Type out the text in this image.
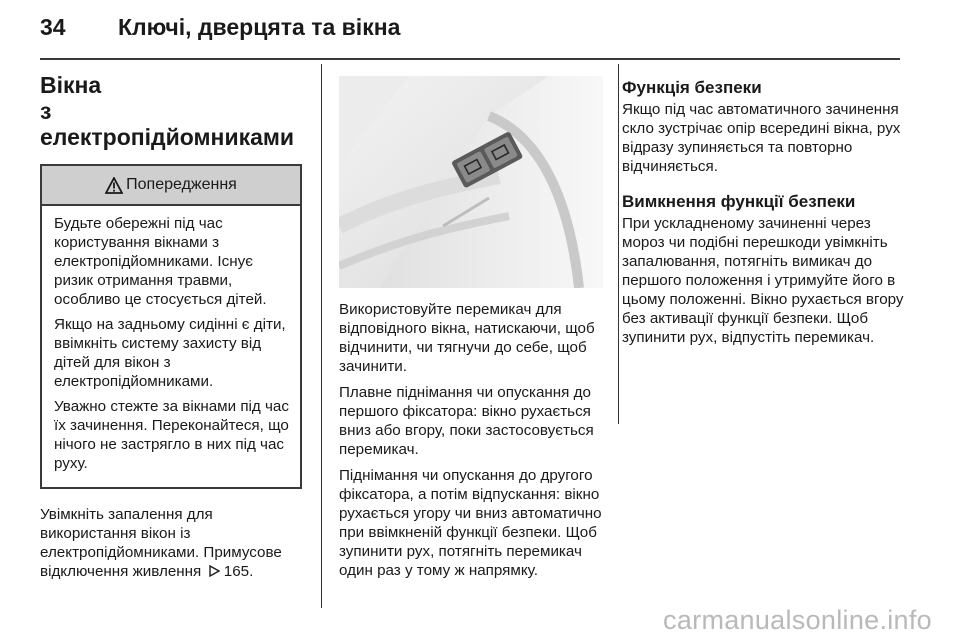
34 Ключі, дверцята та вікна
Вікна
з електропідйомниками
Попередження

Будьте обережні під час користування вікнами з електропідйомниками. Існує ризик отримання травми, особливо це стосується дітей.

Якщо на задньому сидінні є діти, ввімкніть систему захисту від дітей для вікон з електропідйомниками.

Уважно стежте за вікнами під час їх зачинення. Переконайтеся, що нічого не застрягло в них під час руху.

Увімкніть запалення для використання вікон із електропідйомниками. Примусове відключення живлення  165.

Використовуйте перемикач для відповідного вікна, натискаючи, щоб відчинити, чи тягнучи до себе, щоб зачинити.

Плавне піднімання чи опускання до першого фіксатора: вікно рухається вниз або вгору, поки застосовується перемикач.

Піднімання чи опускання до другого фіксатора, а потім відпускання: вікно рухається угору чи вниз автоматично при ввімкненій функції безпеки. Щоб зупинити рух, потягніть перемикач один раз у тому ж напрямку.

Функція безпеки

Якщо під час автоматичного зачинення скло зустрічає опір всередині вікна, рух відразу зупиняється та повторно відчиняється.

Вимкнення функції безпеки

При ускладненому зачиненні через мороз чи подібні перешкоди увімкніть запалювання, потягніть вимикач до першого положення і утримуйте його в цьому положенні. Вікно рухається вгору без активації функції безпеки. Щоб зупинити рух, відпустіть перемикач.

carmanualsonline.info
